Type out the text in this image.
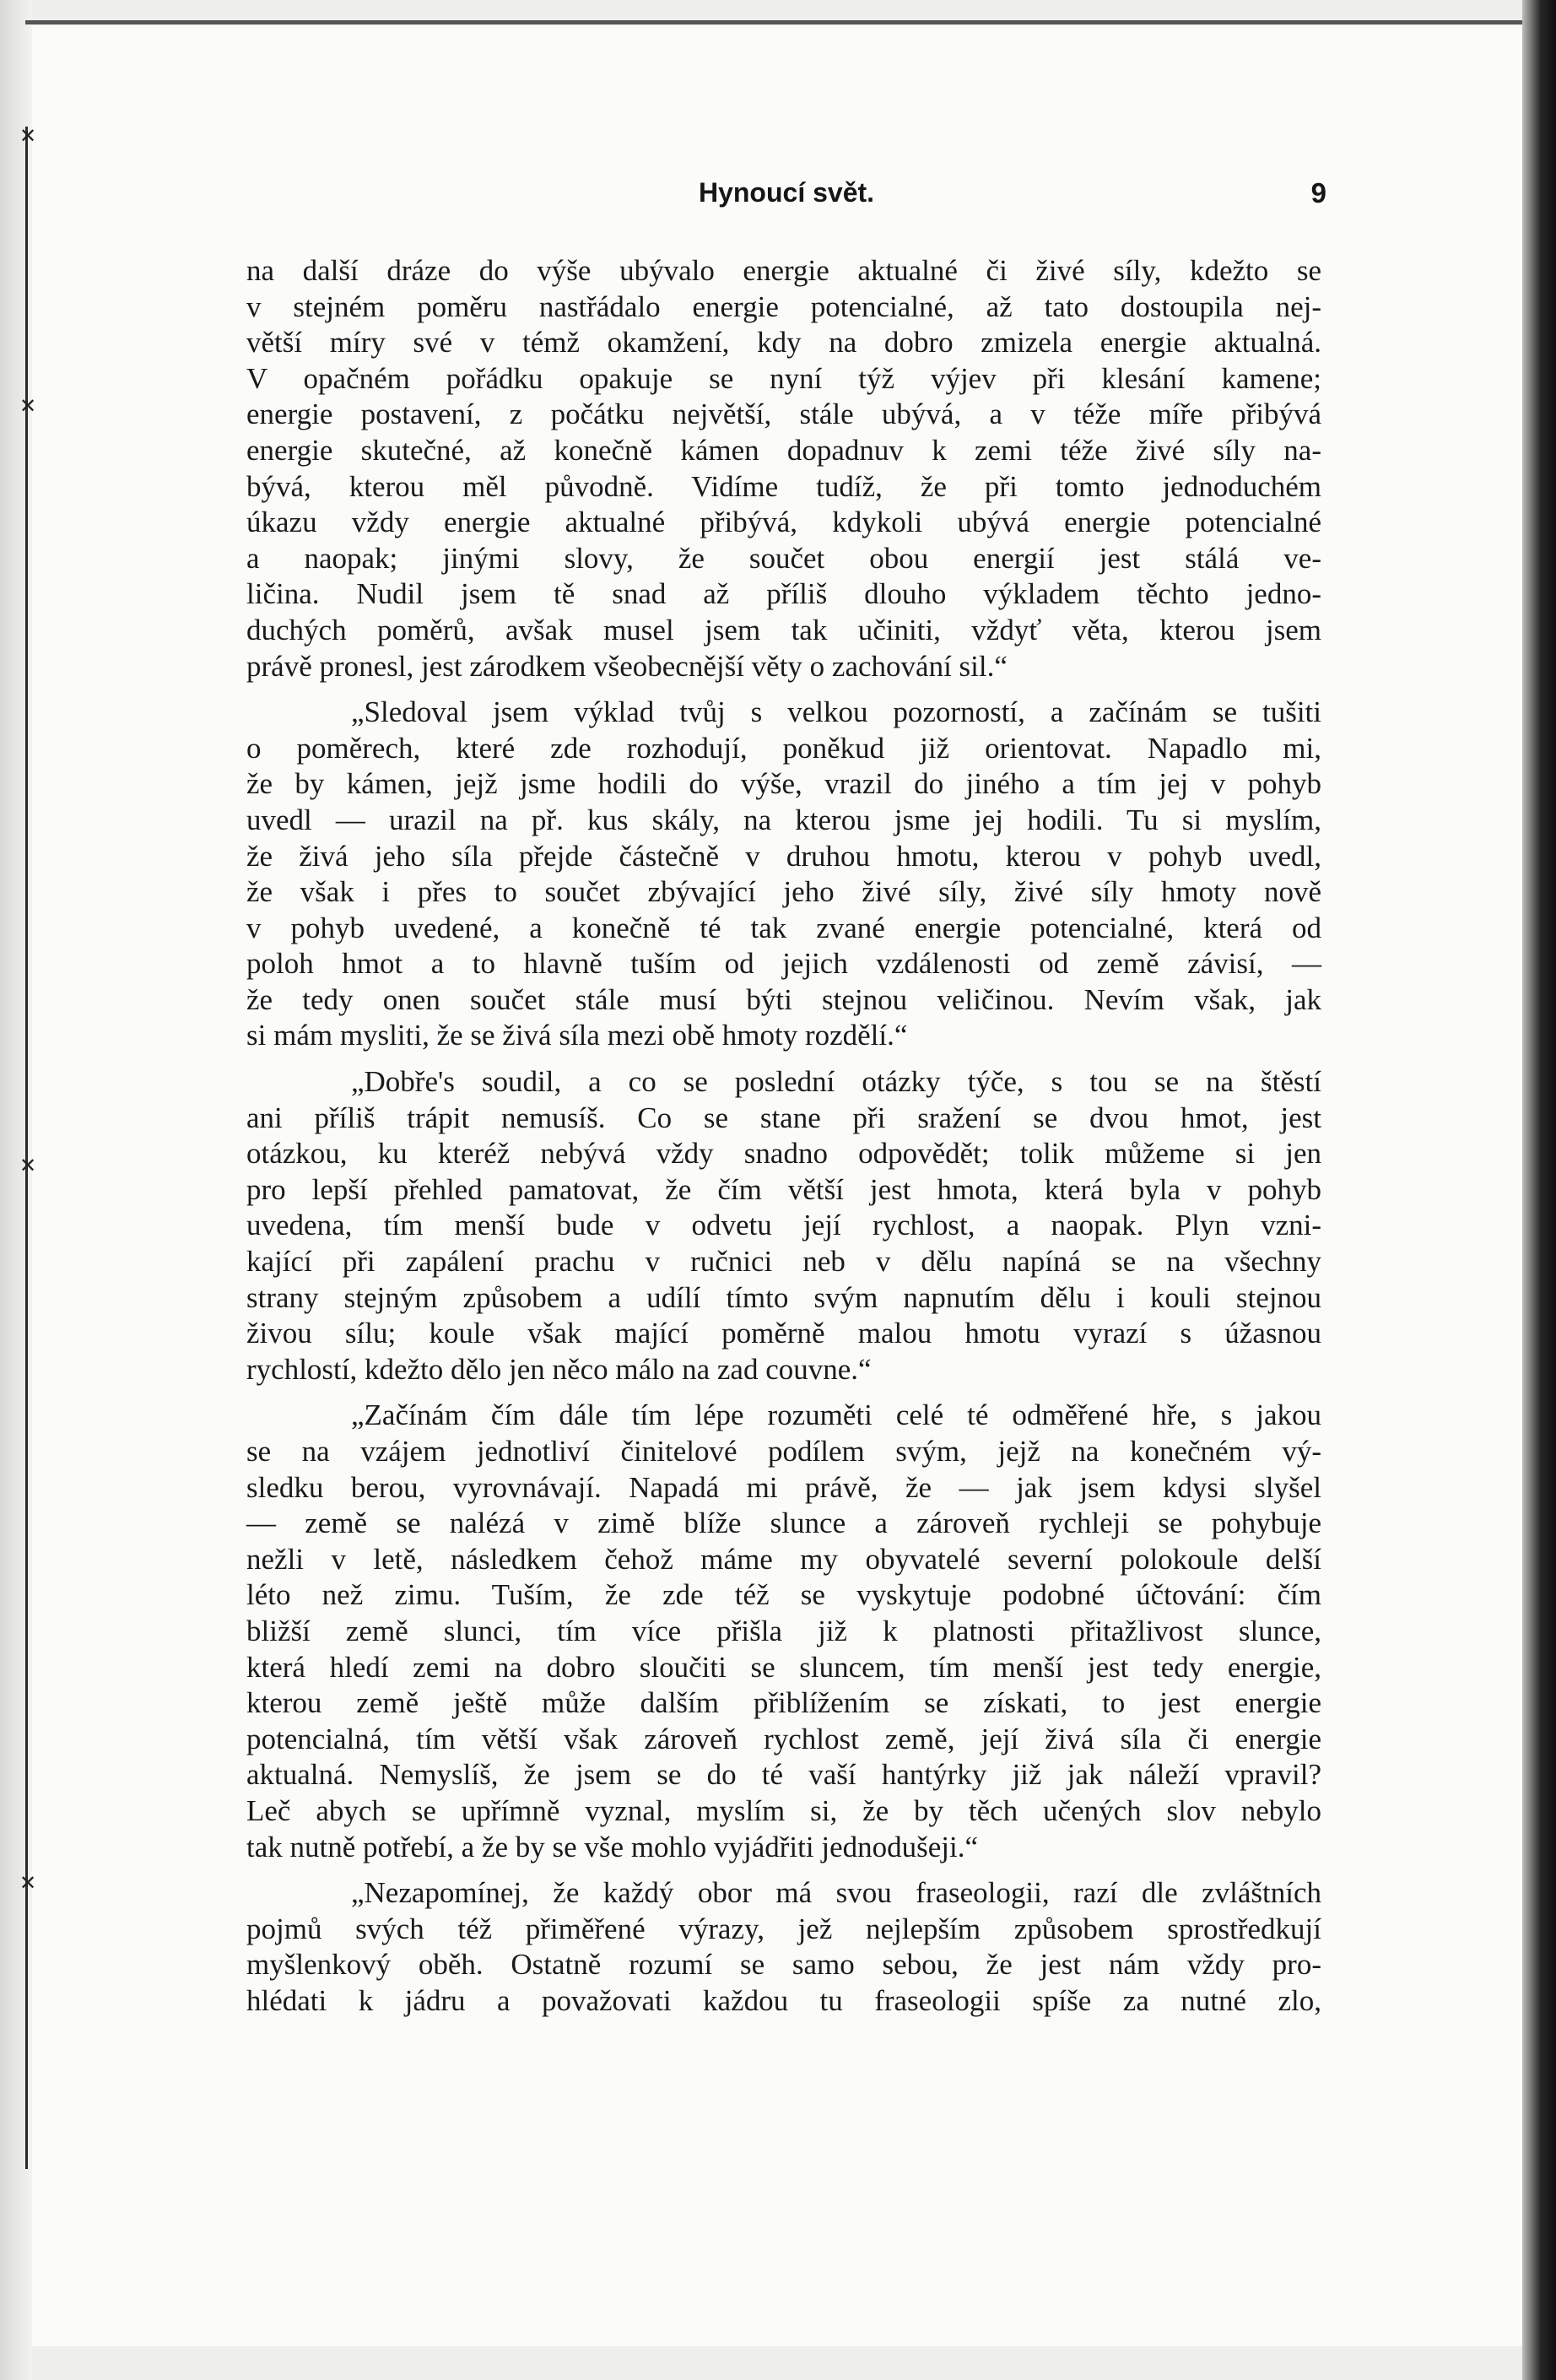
✕
✕
✕
✕
Hynoucí svět.	9
na další dráze do výše ubývalo energie aktualné či živé síly, kdežto se
v stejném poměru nastřádalo energie potencialné, až tato dostoupila nej-
větší míry své v témž okamžení, kdy na dobro zmizela energie aktualná.
V opačném pořádku opakuje se nyní týž výjev při klesání kamene;
energie postavení, z počátku největší, stále ubývá, a v téže míře přibývá
energie skutečné, až konečně kámen dopadnuv k zemi téže živé síly na-
bývá, kterou měl původně. Vidíme tudíž, že při tomto jednoduchém
úkazu vždy energie aktualné přibývá, kdykoli ubývá energie potencialné
a naopak; jinými slovy, že součet obou energií jest stálá ve-
ličina. Nudil jsem tě snad až příliš dlouho výkladem těchto jedno-
duchých poměrů, avšak musel jsem tak učiniti, vždyť věta, kterou jsem
právě pronesl, jest zárodkem všeobecnější věty o zachování sil.“
„Sledoval jsem výklad tvůj s velkou pozorností, a začínám se tušiti
o poměrech, které zde rozhodují, poněkud již orientovat. Napadlo mi,
že by kámen, jejž jsme hodili do výše, vrazil do jiného a tím jej v pohyb
uvedl — urazil na př. kus skály, na kterou jsme jej hodili. Tu si myslím,
že živá jeho síla přejde částečně v druhou hmotu, kterou v pohyb uvedl,
že však i přes to součet zbývající jeho živé síly, živé síly hmoty nově
v pohyb uvedené, a konečně té tak zvané energie potencialné, která od
poloh hmot a to hlavně tuším od jejich vzdálenosti od země závisí, —
že tedy onen součet stále musí býti stejnou veličinou. Nevím však, jak
si mám mysliti, že se živá síla mezi obě hmoty rozdělí.“
„Dobře's soudil, a co se poslední otázky týče, s tou se na štěstí
ani příliš trápit nemusíš. Co se stane při sražení se dvou hmot, jest
otázkou, ku kteréž nebývá vždy snadno odpovědět; tolik můžeme si jen
pro lepší přehled pamatovat, že čím větší jest hmota, která byla v pohyb
uvedena, tím menší bude v odvetu její rychlost, a naopak. Plyn vzni-
kající při zapálení prachu v ručnici neb v dělu napíná se na všechny
strany stejným způsobem a udílí tímto svým napnutím dělu i kouli stejnou
živou sílu; koule však mající poměrně malou hmotu vyrazí s úžasnou
rychlostí, kdežto dělo jen něco málo na zad couvne.“
„Začínám čím dále tím lépe rozuměti celé té odměřené hře, s jakou
se na vzájem jednotliví činitelové podílem svým, jejž na konečném vý-
sledku berou, vyrovnávají. Napadá mi právě, že — jak jsem kdysi slyšel
— země se nalézá v zimě blíže slunce a zároveň rychleji se pohybuje
nežli v letě, následkem čehož máme my obyvatelé severní polokoule delší
léto než zimu. Tuším, že zde též se vyskytuje podobné účtování: čím
bližší země slunci, tím více přišla již k platnosti přitažlivost slunce,
která hledí zemi na dobro sloučiti se sluncem, tím menší jest tedy energie,
kterou země ještě může dalším přiblížením se získati, to jest energie
potencialná, tím větší však zároveň rychlost země, její živá síla či energie
aktualná. Nemyslíš, že jsem se do té vaší hantýrky již jak náleží vpravil?
Leč abych se upřímně vyznal, myslím si, že by těch učených slov nebylo
tak nutně potřebí, a že by se vše mohlo vyjádřiti jednodušeji.“
„Nezapomínej, že každý obor má svou fraseologii, razí dle zvláštních
pojmů svých též přiměřené výrazy, jež nejlepším způsobem sprostředkují
myšlenkový oběh. Ostatně rozumí se samo sebou, že jest nám vždy pro-
hlédati k jádru a považovati každou tu fraseologii spíše za nutné zlo,
